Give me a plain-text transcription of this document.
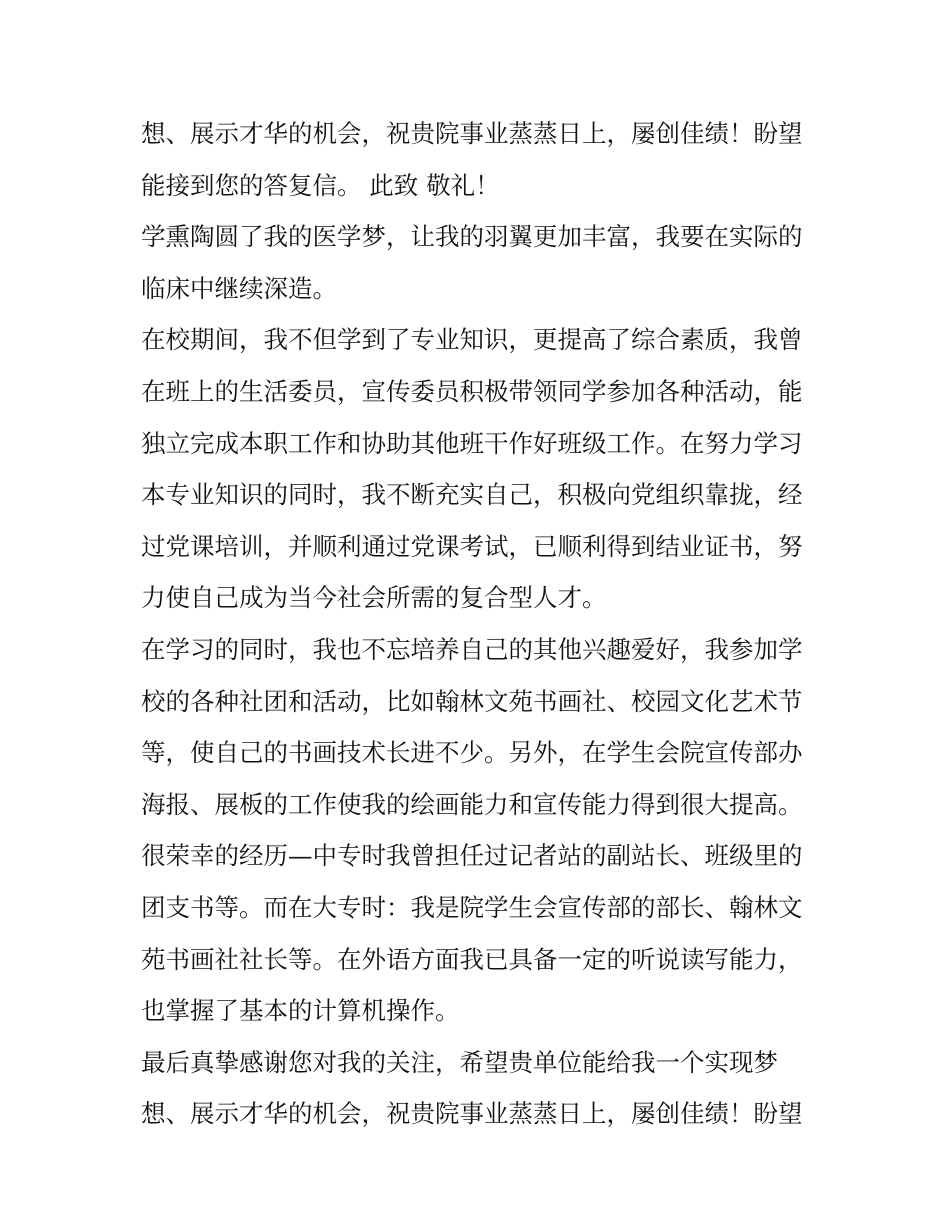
想、展示才华的机会，祝贵院事业蒸蒸日上，屡创佳绩！盼望
能接到您的答复信。 此致 敬礼！
学熏陶圆了我的医学梦，让我的羽翼更加丰富，我要在实际的
临床中继续深造。
在校期间，我不但学到了专业知识，更提高了综合素质，我曾
在班上的生活委员，宣传委员积极带领同学参加各种活动，能
独立完成本职工作和协助其他班干作好班级工作。在努力学习
本专业知识的同时，我不断充实自己，积极向党组织靠拢，经
过党课培训，并顺利通过党课考试，已顺利得到结业证书，努
力使自己成为当今社会所需的复合型人才。
在学习的同时，我也不忘培养自己的其他兴趣爱好，我参加学
校的各种社团和活动，比如翰林文苑书画社、校园文化艺术节
等，使自己的书画技术长进不少。另外，在学生会院宣传部办
海报、展板的工作使我的绘画能力和宣传能力得到很大提高。
很荣幸的经历—中专时我曾担任过记者站的副站长、班级里的
团支书等。而在大专时：我是院学生会宣传部的部长、翰林文
苑书画社社长等。在外语方面我已具备一定的听说读写能力，
也掌握了基本的计算机操作。
最后真挚感谢您对我的关注，希望贵单位能给我一个实现梦
想、展示才华的机会，祝贵院事业蒸蒸日上，屡创佳绩！盼望
